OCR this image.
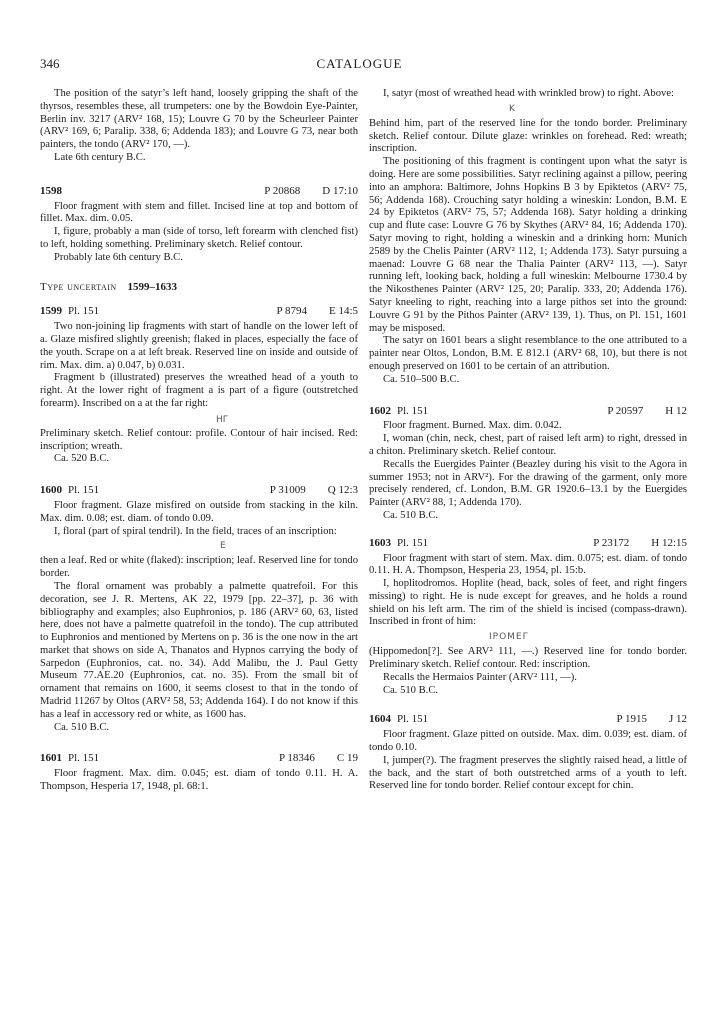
346	CATALOGUE

The position of the satyr’s left hand, loosely gripping the shaft of the thyrsos, resembles these, all trumpeters: one by the Bowdoin Eye-Painter, Berlin inv. 3217 (ARV² 168, 15); Louvre G 70 by the Scheurleer Painter (ARV² 169, 6; Paralip. 338, 6; Addenda 183); and Louvre G 73, near both painters, the tondo (ARV² 170, —).

Late 6th century B.C.

1598	P 20868 D 17:10

Floor fragment with stem and fillet. Incised line at top and bottom of fillet. Max. dim. 0.05.

I, figure, probably a man (side of torso, left forearm with clenched fist) to left, holding something. Preliminary sketch. Relief contour.

Probably late 6th century B.C.

Type uncertain 1599–1633
1599 Pl. 151	P 8794 E 14:5

Two non-joining lip fragments with start of handle on the lower left of a. Glaze misfired slightly greenish; flaked in places, especially the face of the youth. Scrape on a at left break. Reserved line on inside and outside of rim. Max. dim. a) 0.047, b) 0.031.

Fragment b (illustrated) preserves the wreathed head of a youth to right. At the lower right of fragment a is part of a figure (outstretched forearm). Inscribed on a at the far right:

ΗΓ

Preliminary sketch. Relief contour: profile. Contour of hair incised. Red: inscription; wreath.

Ca. 520 B.C.

1600 Pl. 151	P 31009 Q 12:3

Floor fragment. Glaze misfired on outside from stacking in the kiln. Max. dim. 0.08; est. diam. of tondo 0.09.

I, floral (part of spiral tendril). In the field, traces of an inscription:

E

then a leaf. Red or white (flaked): inscription; leaf. Reserved line for tondo border.

The floral ornament was probably a palmette quatrefoil. For this decoration, see J. R. Mertens, AK 22, 1979 [pp. 22–37], p. 36 with bibliography and examples; also Euphronios, p. 186 (ARV² 60, 63, listed here, does not have a palmette quatrefoil in the tondo). The cup attributed to Euphronios and mentioned by Mertens on p. 36 is the one now in the art market that shows on side A, Thanatos and Hypnos carrying the body of Sarpedon (Euphronios, cat. no. 34). Add Malibu, the J. Paul Getty Museum 77.AE.20 (Euphronios, cat. no. 35). From the small bit of ornament that remains on 1600, it seems closest to that in the tondo of Madrid 11267 by Oltos (ARV² 58, 53; Addenda 164). I do not know if this has a leaf in accessory red or white, as 1600 has.

Ca. 510 B.C.

1601 Pl. 151	P 18346 C 19

Floor fragment. Max. dim. 0.045; est. diam of tondo 0.11. H. A. Thompson, Hesperia 17, 1948, pl. 68:1.

I, satyr (most of wreathed head with wrinkled brow) to right. Above:

Κ

Behind him, part of the reserved line for the tondo border. Preliminary sketch. Relief contour. Dilute glaze: wrinkles on forehead. Red: wreath; inscription.

The positioning of this fragment is contingent upon what the satyr is doing. Here are some possibilities. Satyr reclining against a pillow, peering into an amphora: Baltimore, Johns Hopkins B 3 by Epiktetos (ARV² 75, 56; Addenda 168). Crouching satyr holding a wineskin: London, B.M. E 24 by Epiktetos (ARV² 75, 57; Addenda 168). Satyr holding a drinking cup and flute case: Louvre G 76 by Skythes (ARV² 84, 16; Addenda 170). Satyr moving to right, holding a wineskin and a drinking horn: Munich 2589 by the Chelis Painter (ARV² 112, 1; Addenda 173). Satyr pursuing a maenad: Louvre G 68 near the Thalia Painter (ARV² 113, —). Satyr running left, looking back, holding a full wineskin: Melbourne 1730.4 by the Nikosthenes Painter (ARV² 125, 20; Paralip. 333, 20; Addenda 176). Satyr kneeling to right, reaching into a large pithos set into the ground: Louvre G 91 by the Pithos Painter (ARV² 139, 1). Thus, on Pl. 151, 1601 may be misposed.

The satyr on 1601 bears a slight resemblance to the one attributed to a painter near Oltos, London, B.M. E 812.1 (ARV² 68, 10), but there is not enough preserved on 1601 to be certain of an attribution.

Ca. 510–500 B.C.

1602 Pl. 151	P 20597 H 12

Floor fragment. Burned. Max. dim. 0.042.

I, woman (chin, neck, chest, part of raised left arm) to right, dressed in a chiton. Preliminary sketch. Relief contour.

Recalls the Euergides Painter (Beazley during his visit to the Agora in summer 1953; not in ARV²). For the drawing of the garment, only more precisely rendered, cf. London, B.M. GR 1920.6–13.1 by the Euergides Painter (ARV² 88, 1; Addenda 170).

Ca. 510 B.C.

1603 Pl. 151	P 23172 H 12:15

Floor fragment with start of stem. Max. dim. 0.075; est. diam. of tondo 0.11. H. A. Thompson, Hesperia 23, 1954, pl. 15:b.

I, hoplitodromos. Hoplite (head, back, soles of feet, and right fingers missing) to right. He is nude except for greaves, and he holds a round shield on his left arm. The rim of the shield is incised (compass-drawn). Inscribed in front of him:

ΙΡΟΜΕΓ

(Hippomedon[?]. See ARV² 111, —.) Reserved line for tondo border. Preliminary sketch. Relief contour. Red: inscription.

Recalls the Hermaios Painter (ARV² 111, —).

Ca. 510 B.C.

1604 Pl. 151	P 1915 J 12

Floor fragment. Glaze pitted on outside. Max. dim. 0.039; est. diam. of tondo 0.10.

I, jumper(?). The fragment preserves the slightly raised head, a little of the back, and the start of both outstretched arms of a youth to left. Reserved line for tondo border. Relief contour except for chin.
